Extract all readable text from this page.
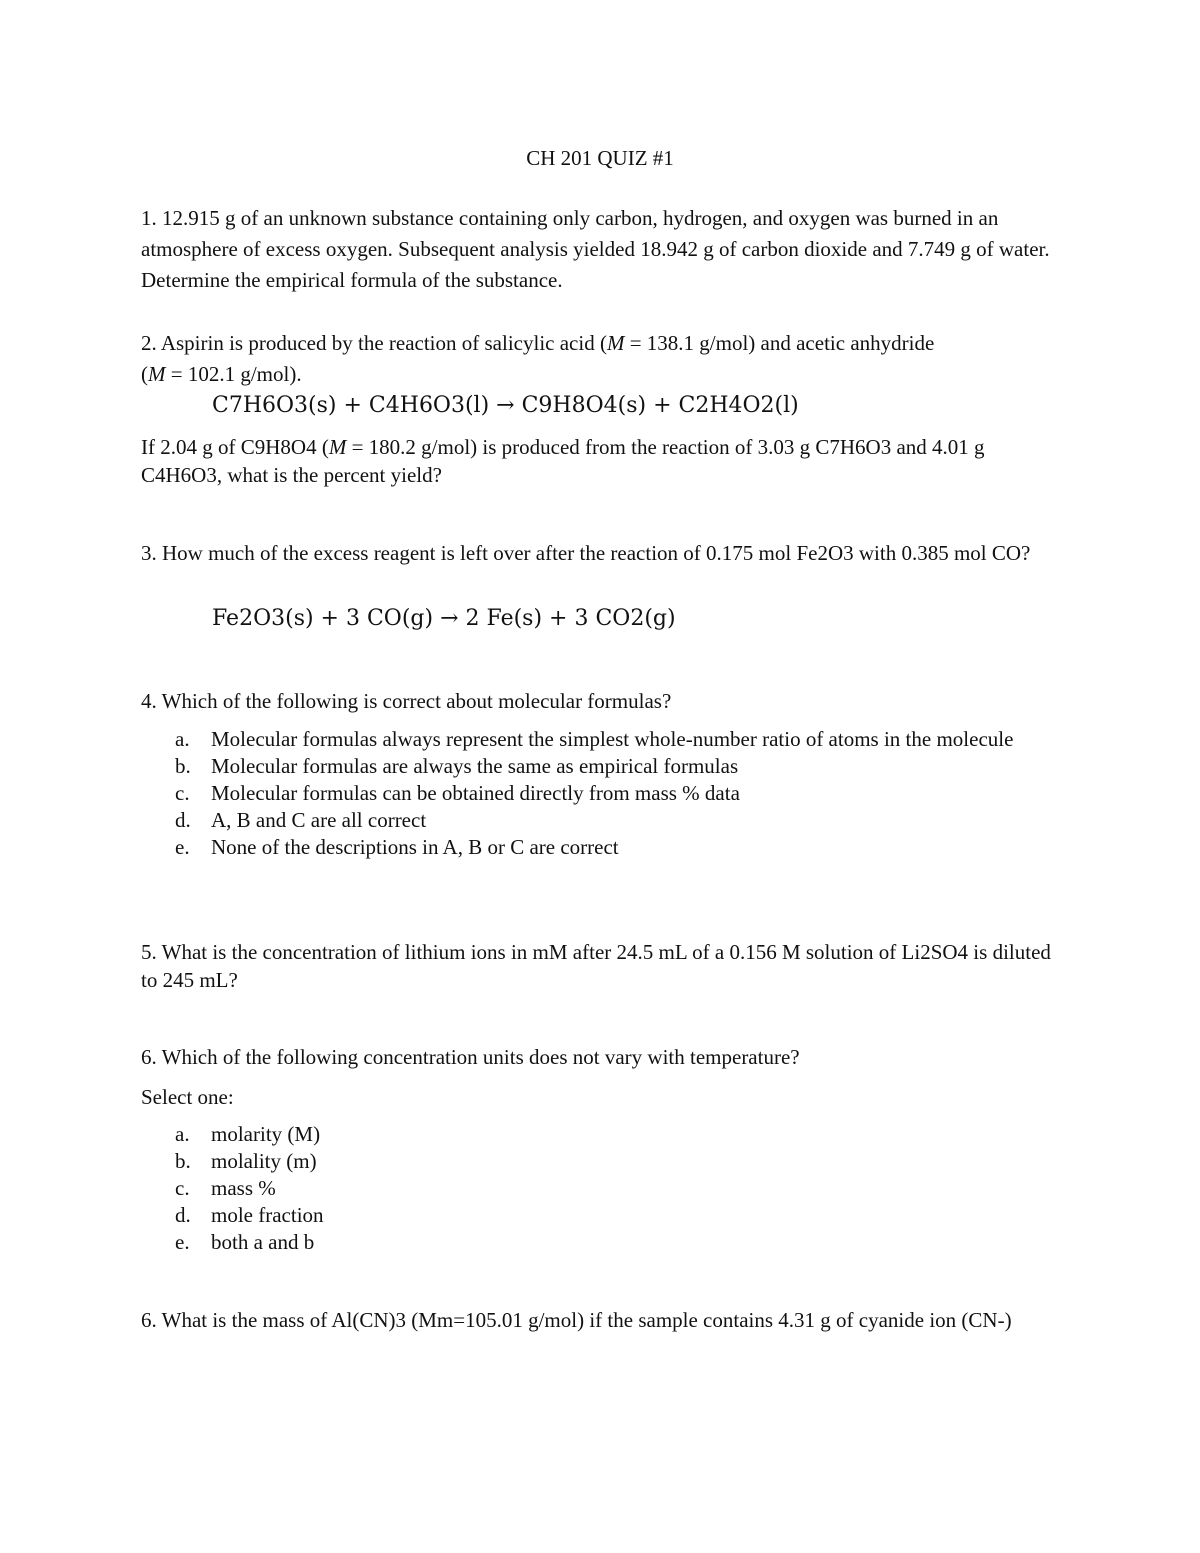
CH 201 QUIZ #1
1. 12.915 g of an unknown substance containing only carbon, hydrogen, and oxygen was burned in an atmosphere of excess oxygen. Subsequent analysis yielded 18.942 g of carbon dioxide and 7.749 g of water. Determine the empirical formula of the substance.
2. Aspirin is produced by the reaction of salicylic acid (M = 138.1 g/mol) and acetic anhydride
(M = 102.1 g/mol).
C7H6O3(s) + C4H6O3(l) → C9H8O4(s) + C2H4O2(l)
If 2.04 g of C9H8O4 (M = 180.2 g/mol) is produced from the reaction of 3.03 g C7H6O3 and 4.01 g C4H6O3, what is the percent yield?
3. How much of the excess reagent is left over after the reaction of 0.175 mol Fe2O3 with 0.385 mol CO?
Fe2O3(s) + 3 CO(g) → 2 Fe(s) + 3 CO2(g)
4. Which of the following is correct about molecular formulas?
a. Molecular formulas always represent the simplest whole-number ratio of atoms in the molecule
b. Molecular formulas are always the same as empirical formulas
c. Molecular formulas can be obtained directly from mass % data
d. A, B and C are all correct
e. None of the descriptions in A, B or C are correct
5. What is the concentration of lithium ions in mM after 24.5 mL of a 0.156 M solution of Li2SO4 is diluted to 245 mL?
6. Which of the following concentration units does not vary with temperature?
Select one:
a. molarity (M)
b. molality (m)
c. mass %
d. mole fraction
e. both a and b
6. What is the mass of Al(CN)3 (Mm=105.01 g/mol) if the sample contains 4.31 g of cyanide ion (CN-)
